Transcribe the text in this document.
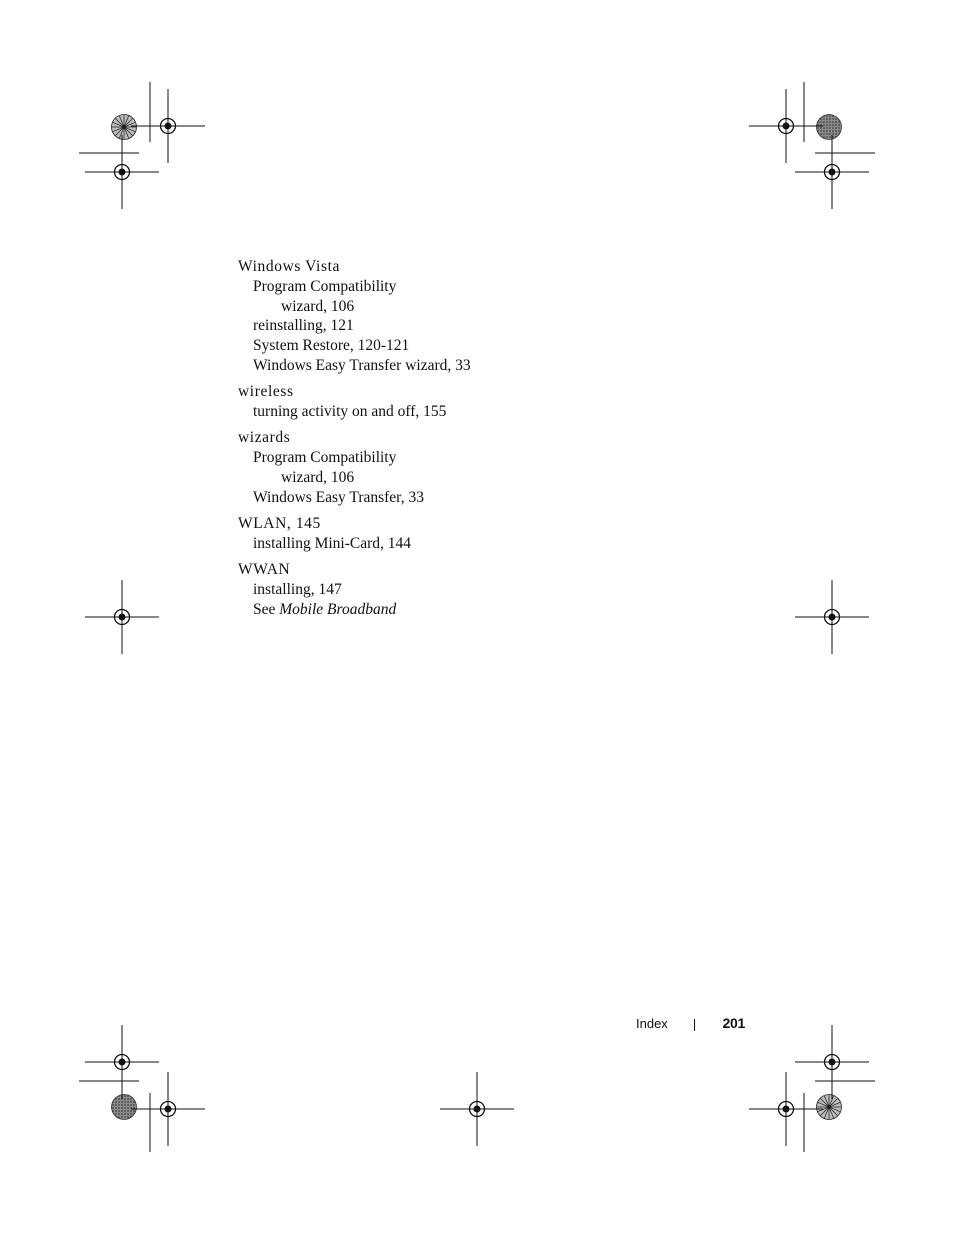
Windows Vista
Program Compatibility
wizard, 106
reinstalling, 121
System Restore, 120-121
Windows Easy Transfer wizard, 33
wireless
turning activity on and off, 155
wizards
Program Compatibility
wizard, 106
Windows Easy Transfer, 33
WLAN, 145
installing Mini-Card, 144
WWAN
installing, 147
See Mobile Broadband
Index	201
